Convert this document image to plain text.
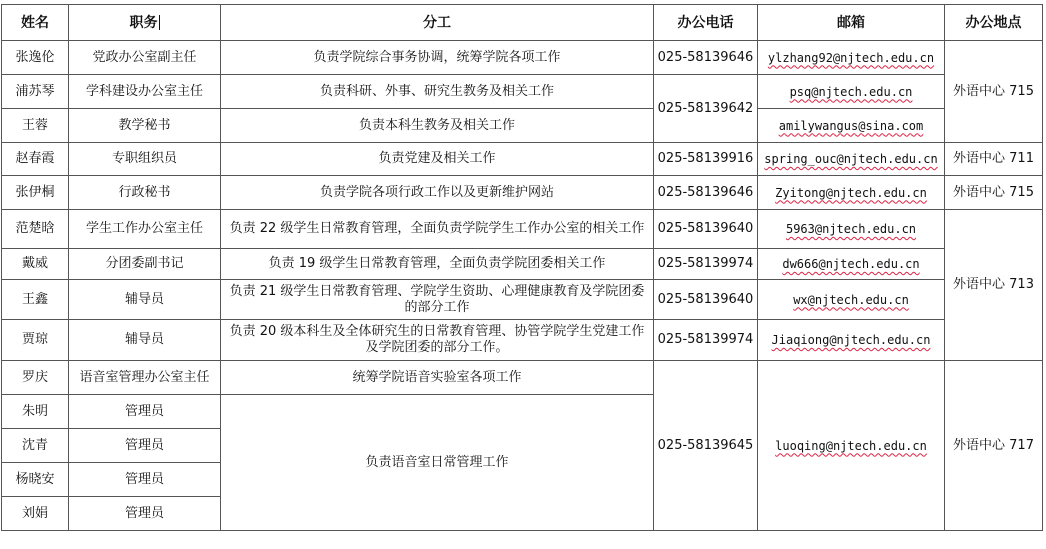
姓名	职务	分工	办公电话	邮箱	办公地点
张逸伦	党政办公室副主任	负责学院综合事务协调，统筹学院各项工作	025-58139646	ylzhang92@njtech.edu.cn	外语中心 715
浦苏琴	学科建设办公室主任	负责科研、外事、研究生教务及相关工作	025-58139642	psq@njtech.edu.cn	
王蓉	教学秘书	负责本科生教务及相关工作		amilywangus@sina.com	
赵春霞	专职组织员	负责党建及相关工作	025-58139916	spring_ouc@njtech.edu.cn	外语中心 711
张伊桐	行政秘书	负责学院各项行政工作以及更新维护网站	025-58139646	Zyitong@njtech.edu.cn	外语中心 715
范楚晗	学生工作办公室主任	负责 22 级学生日常教育管理，全面负责学院学生工作办公室的相关工作	025-58139640	5963@njtech.edu.cn	外语中心 713
戴威	分团委副书记	负责 19 级学生日常教育管理，全面负责学院团委相关工作	025-58139974	dw666@njtech.edu.cn	
王鑫	辅导员	负责 21 级学生日常教育管理、学院学生资助、心理健康教育及学院团委的部分工作	025-58139640	wx@njtech.edu.cn	
贾琼	辅导员	负责 20 级本科生及全体研究生的日常教育管理、协管学院学生党建工作及学院团委的部分工作。	025-58139974	Jiaqiong@njtech.edu.cn	
罗庆	语音室管理办公室主任	统筹学院语音实验室各项工作	025-58139645	luoqing@njtech.edu.cn	外语中心 717
朱明	管理员	负责语音室日常管理工作			
沈青	管理员				
杨晓安	管理员				
刘娟	管理员				
